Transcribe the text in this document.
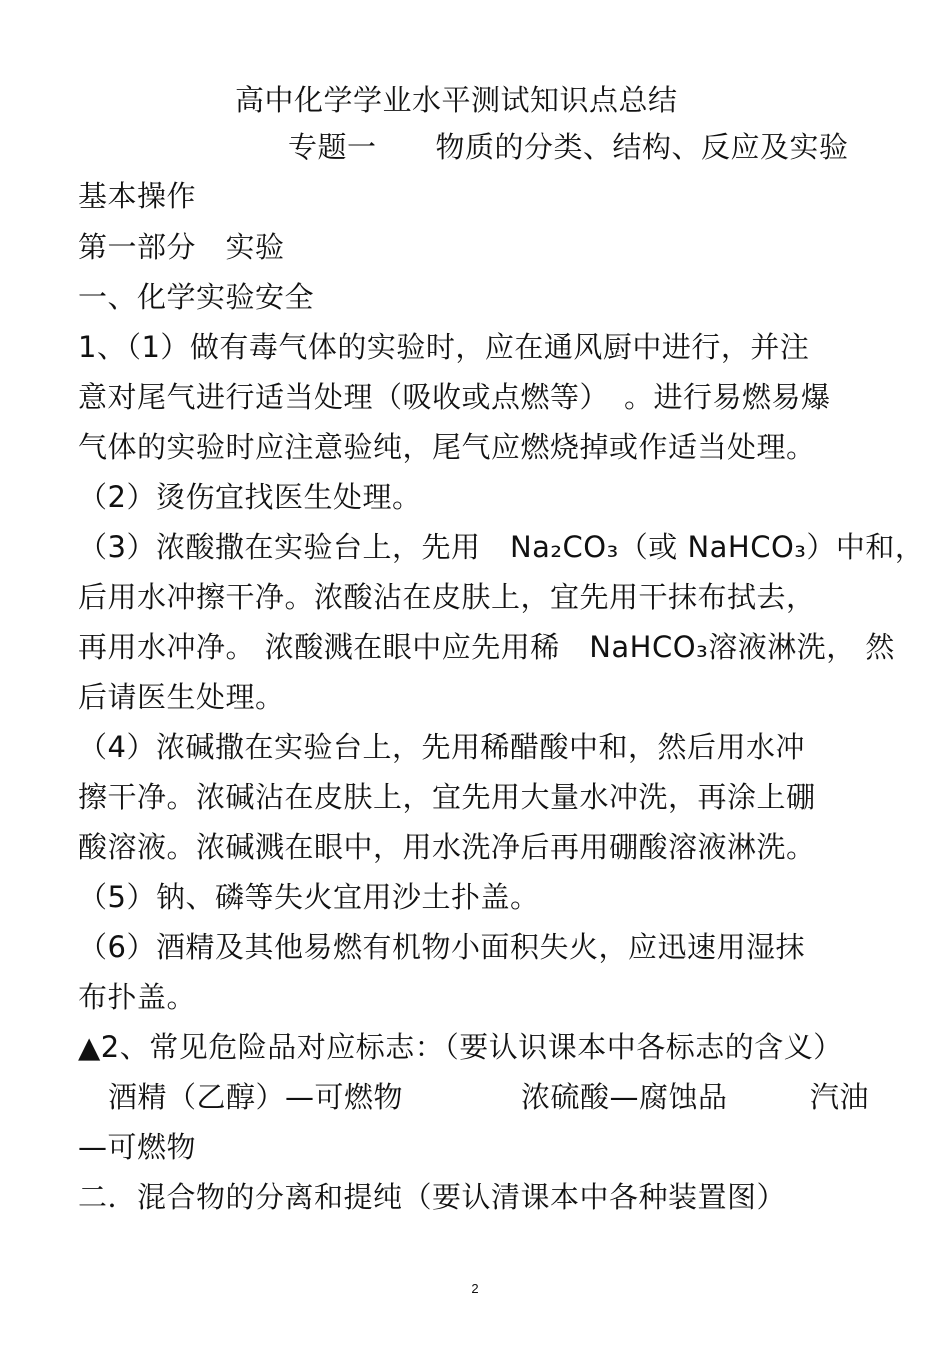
高中化学学业水平测试知识点总结
专题一　　物质的分类、结构、反应及实验
基本操作
第一部分　实验
一、化学实验安全
1、（1）做有毒气体的实验时，应在通风厨中进行，并注
意对尾气进行适当处理（吸收或点燃等）　。进行易燃易爆
气体的实验时应注意验纯，尾气应燃烧掉或作适当处理。
（2）烫伤宜找医生处理。
（3）浓酸撒在实验台上，先用　Na₂CO₃（或 NaHCO₃）中和，
后用水冲擦干净。浓酸沾在皮肤上，宜先用干抹布拭去，
再用水冲净。 浓酸溅在眼中应先用稀　NaHCO₃溶液淋洗， 然
后请医生处理。
（4）浓碱撒在实验台上，先用稀醋酸中和，然后用水冲
擦干净。浓碱沾在皮肤上，宜先用大量水冲洗，再涂上硼
酸溶液。浓碱溅在眼中，用水洗净后再用硼酸溶液淋洗。
（5）钠、磷等失火宜用沙土扑盖。
（6）酒精及其他易燃有机物小面积失火，应迅速用湿抹
布扑盖。
▲2、常见危险品对应标志：（要认识课本中各标志的含义）
酒精（乙醇）—可燃物	浓硫酸—腐蚀品	汽油
—可燃物
二．混合物的分离和提纯（要认清课本中各种装置图）
2
